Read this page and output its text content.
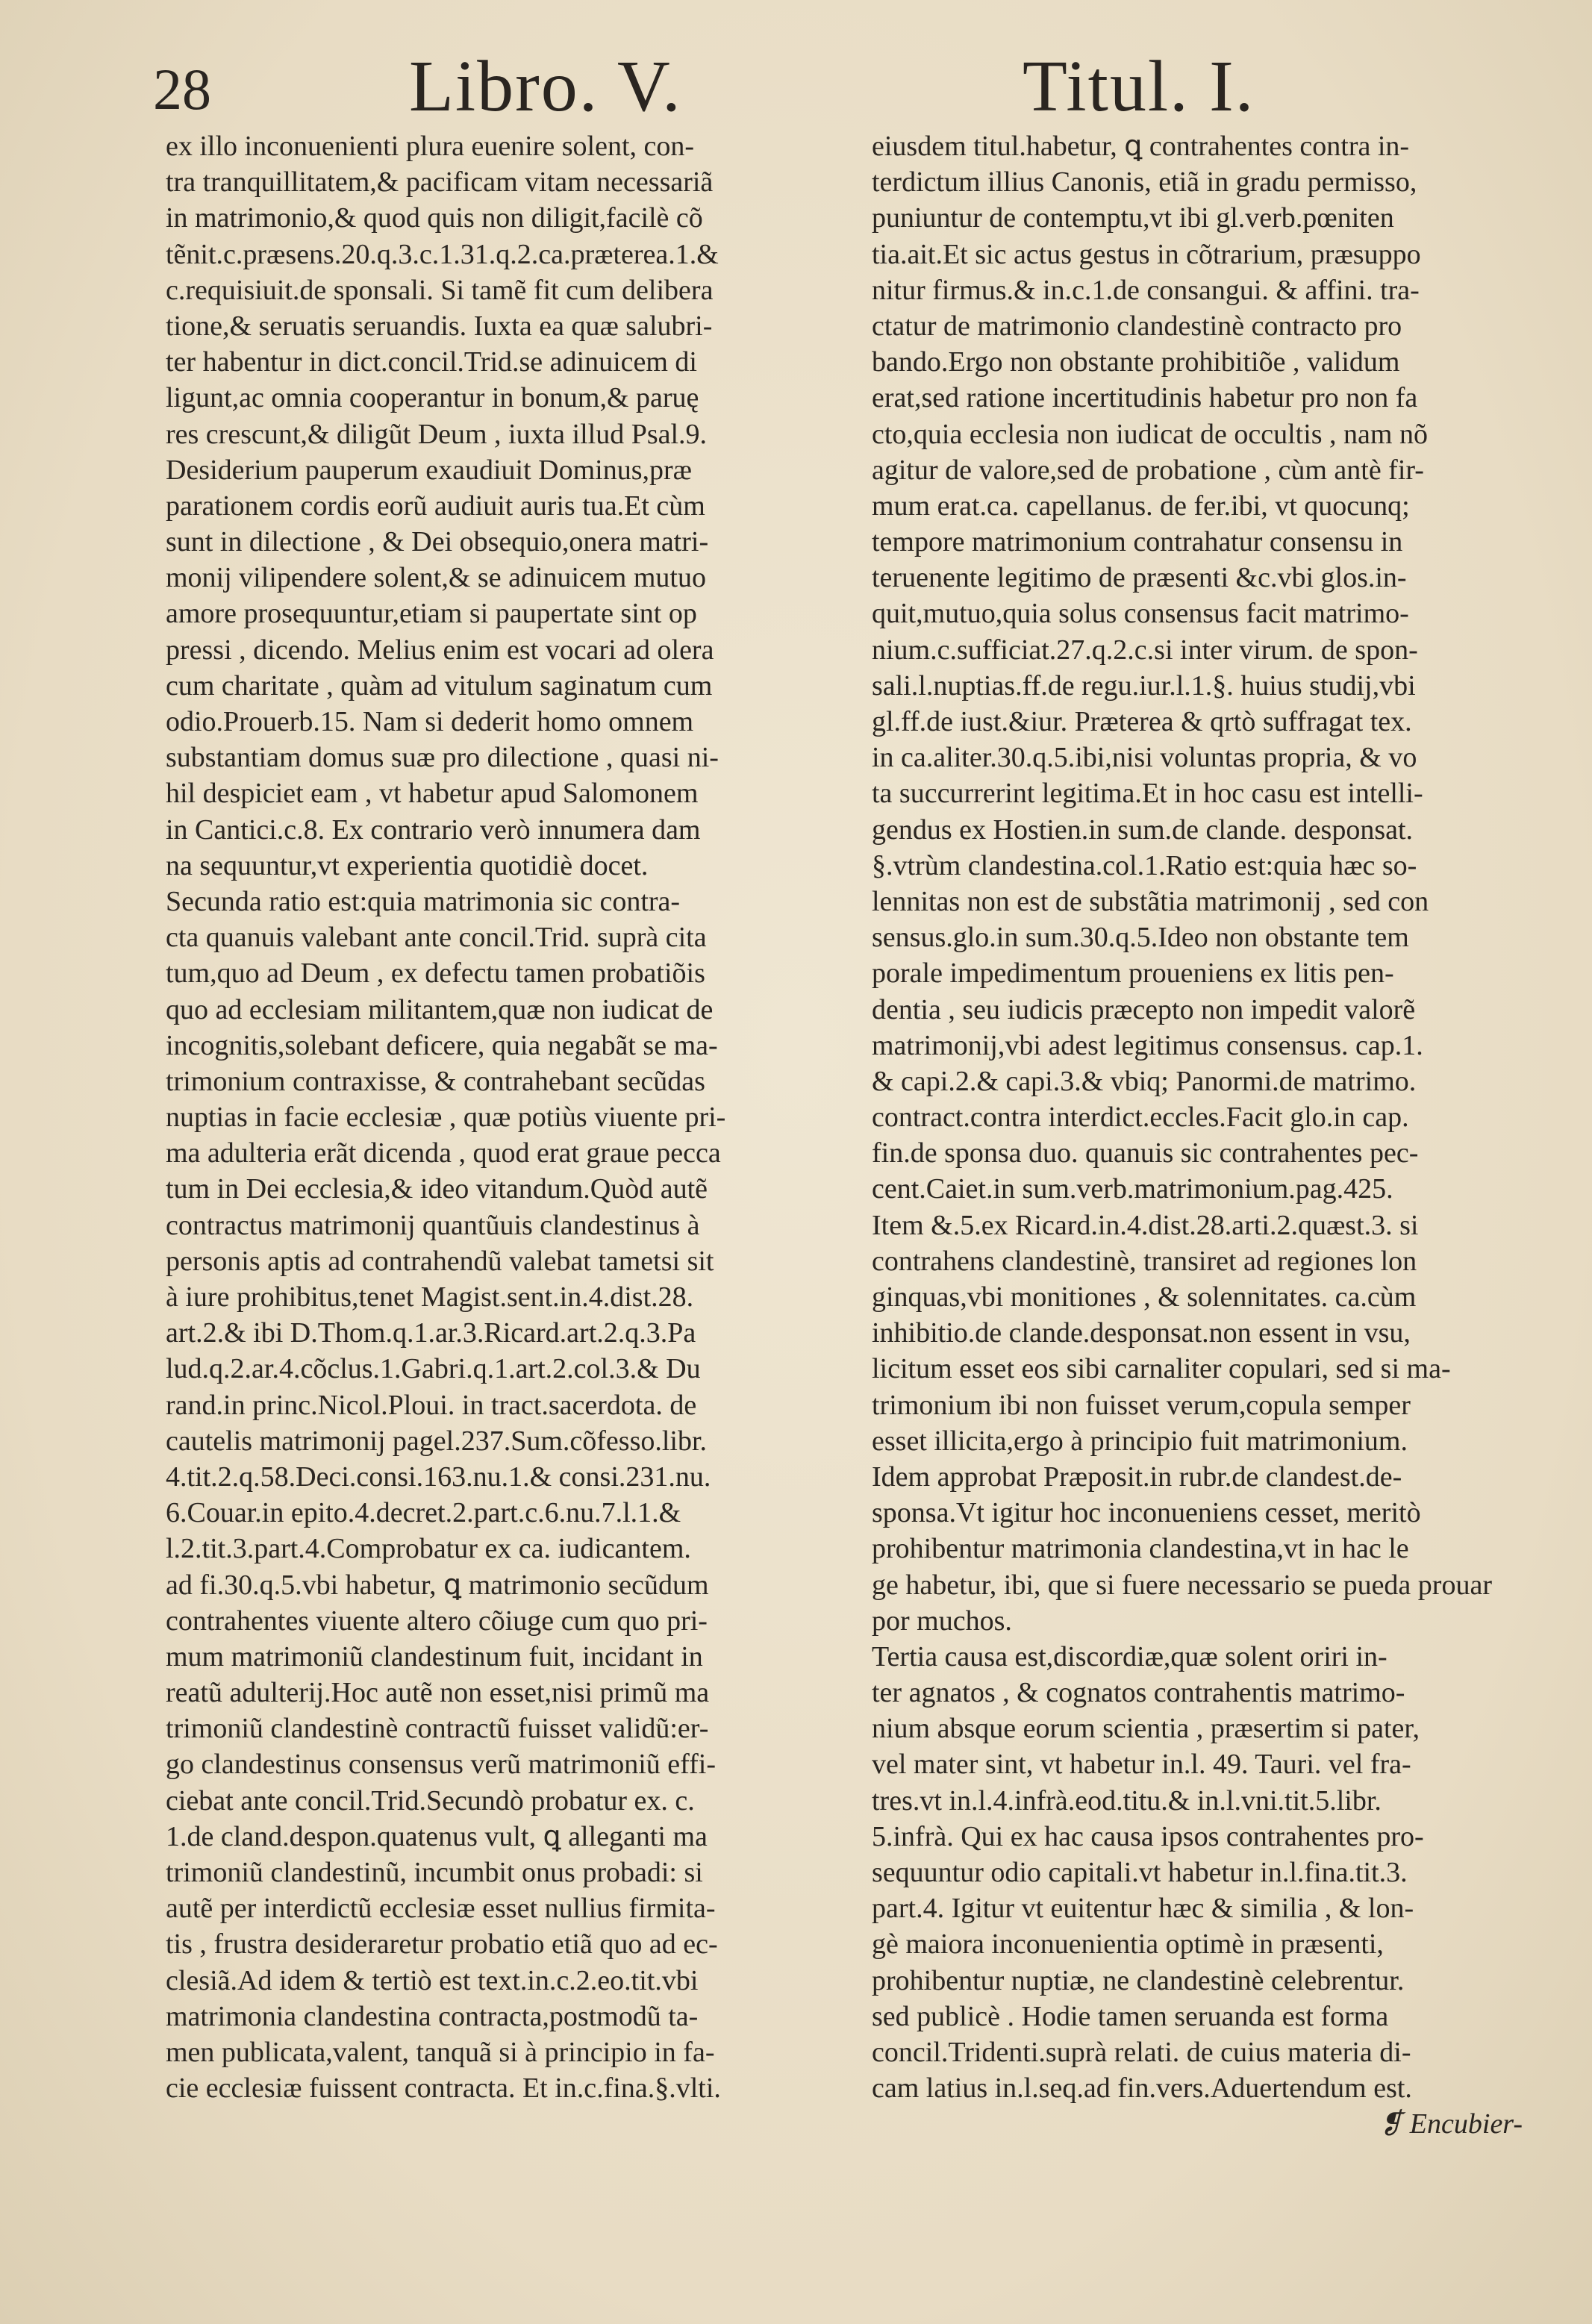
28	Libro. V.	Titul. I.
ex illo inconuenienti plura euenire solent, con-
tra tranquillitatem,& pacificam vitam necessariã
in matrimonio,& quod quis non diligit,facilè cõ
tẽnit.c.præsens.20.q.3.c.1.31.q.2.ca.præterea.1.&
c.requisiuit.de sponsali. Si tamẽ fit cum delibera
tione,& seruatis seruandis. Iuxta ea quæ salubri-
ter habentur in dict.concil.Trid.se adinuicem di
ligunt,ac omnia cooperantur in bonum,& paruę
res crescunt,& diligũt Deum , iuxta illud Psal.9.
Desiderium pauperum exaudiuit Dominus,præ
parationem cordis eorũ audiuit auris tua.Et cùm
sunt in dilectione , & Dei obsequio,onera matri-
monij vilipendere solent,& se adinuicem mutuo
amore prosequuntur,etiam si paupertate sint op
pressi , dicendo. Melius enim est vocari ad olera
cum charitate , quàm ad vitulum saginatum cum
odio.Prouerb.15. Nam si dederit homo omnem
substantiam domus suæ pro dilectione , quasi ni-
hil despiciet eam , vt habetur apud Salomonem
in Cantici.c.8. Ex contrario verò innumera dam
na sequuntur,vt experientia quotidiè docet.
Secunda ratio est:quia matrimonia sic contra-
cta quanuis valebant ante concil.Trid. suprà cita
tum,quo ad Deum , ex defectu tamen probatiõis
quo ad ecclesiam militantem,quæ non iudicat de
incognitis,solebant deficere, quia negabãt se ma-
trimonium contraxisse, & contrahebant secũdas
nuptias in facie ecclesiæ , quæ potiùs viuente pri-
ma adulteria erãt dicenda , quod erat graue pecca
tum in Dei ecclesia,& ideo vitandum.Quòd autẽ
contractus matrimonij quantũuis clandestinus à
personis aptis ad contrahendũ valebat tametsi sit
à iure prohibitus,tenet Magist.sent.in.4.dist.28.
art.2.& ibi D.Thom.q.1.ar.3.Ricard.art.2.q.3.Pa
lud.q.2.ar.4.cõclus.1.Gabri.q.1.art.2.col.3.& Du
rand.in princ.Nicol.Ploui. in tract.sacerdota. de
cautelis matrimonij pagel.237.Sum.cõfesso.libr.
4.tit.2.q.58.Deci.consi.163.nu.1.& consi.231.nu.
6.Couar.in epito.4.decret.2.part.c.6.nu.7.l.1.&
l.2.tit.3.part.4.Comprobatur ex ca. iudicantem.
ad fi.30.q.5.vbi habetur, ꝗ matrimonio secũdum
contrahentes viuente altero cõiuge cum quo pri-
mum matrimoniũ clandestinum fuit, incidant in
reatũ adulterij.Hoc autẽ non esset,nisi primũ ma
trimoniũ clandestinè contractũ fuisset validũ:er-
go clandestinus consensus verũ matrimoniũ effi-
ciebat ante concil.Trid.Secundò probatur ex. c.
1.de cland.despon.quatenus vult, ꝗ alleganti ma
trimoniũ clandestinũ, incumbit onus probadi: si
autẽ per interdictũ ecclesiæ esset nullius firmita-
tis , frustra desideraretur probatio etiã quo ad ec-
clesiã.Ad idem & tertiò est text.in.c.2.eo.tit.vbi
matrimonia clandestina contracta,postmodũ ta-
men publicata,valent, tanquã si à principio in fa-
cie ecclesiæ fuissent contracta. Et in.c.fina.§.vlti.
eiusdem titul.habetur, ꝗ contrahentes contra in-
terdictum illius Canonis, etiã in gradu permisso,
puniuntur de contemptu,vt ibi gl.verb.pœniten
tia.ait.Et sic actus gestus in cõtrarium, præsuppo
nitur firmus.& in.c.1.de consangui. & affini. tra-
ctatur de matrimonio clandestinè contracto pro
bando.Ergo non obstante prohibitiõe , validum
erat,sed ratione incertitudinis habetur pro non fa
cto,quia ecclesia non iudicat de occultis , nam nõ
agitur de valore,sed de probatione , cùm antè fir-
mum erat.ca. capellanus. de fer.ibi, vt quocunq;
tempore matrimonium contrahatur consensu in
teruenente legitimo de præsenti &c.vbi glos.in-
quit,mutuo,quia solus consensus facit matrimo-
nium.c.sufficiat.27.q.2.c.si inter virum. de spon-
sali.l.nuptias.ff.de regu.iur.l.1.§. huius studij,vbi
gl.ff.de iust.&iur. Præterea & qrtò suffragat tex.
in ca.aliter.30.q.5.ibi,nisi voluntas propria, & vo
ta succurrerint legitima.Et in hoc casu est intelli-
gendus ex Hostien.in sum.de clande. desponsat.
§.vtrùm clandestina.col.1.Ratio est:quia hæc so-
lennitas non est de substãtia matrimonij , sed con
sensus.glo.in sum.30.q.5.Ideo non obstante tem
porale impedimentum proueniens ex litis pen-
dentia , seu iudicis præcepto non impedit valorẽ
matrimonij,vbi adest legitimus consensus. cap.1.
& capi.2.& capi.3.& vbiq; Panormi.de matrimo.
contract.contra interdict.eccles.Facit glo.in cap.
fin.de sponsa duo. quanuis sic contrahentes pec-
cent.Caiet.in sum.verb.matrimonium.pag.425.
Item &.5.ex Ricard.in.4.dist.28.arti.2.quæst.3. si
contrahens clandestinè, transiret ad regiones lon
ginquas,vbi monitiones , & solennitates. ca.cùm
inhibitio.de clande.desponsat.non essent in vsu,
licitum esset eos sibi carnaliter copulari, sed si ma-
trimonium ibi non fuisset verum,copula semper
esset illicita,ergo à principio fuit matrimonium.
Idem approbat Præposit.in rubr.de clandest.de-
sponsa.Vt igitur hoc inconueniens cesset, meritò
prohibentur matrimonia clandestina,vt in hac le
ge habetur, ibi, que si fuere necessario se pueda prouar
por muchos.
Tertia causa est,discordiæ,quæ solent oriri in-
ter agnatos , & cognatos contrahentis matrimo-
nium absque eorum scientia , præsertim si pater,
vel mater sint, vt habetur in.l. 49. Tauri. vel fra-
tres.vt in.l.4.infrà.eod.titu.& in.l.vni.tit.5.libr.
5.infrà. Qui ex hac causa ipsos contrahentes pro-
sequuntur odio capitali.vt habetur in.l.fina.tit.3.
part.4. Igitur vt euitentur hæc & similia , & lon-
gè maiora inconuenientia optimè in præsenti,
prohibentur nuptiæ, ne clandestinè celebrentur.
sed publicè . Hodie tamen seruanda est forma
concil.Tridenti.suprà relati. de cuius materia di-
cam latius in.l.seq.ad fin.vers.Aduertendum est.
❡ Encubier-
